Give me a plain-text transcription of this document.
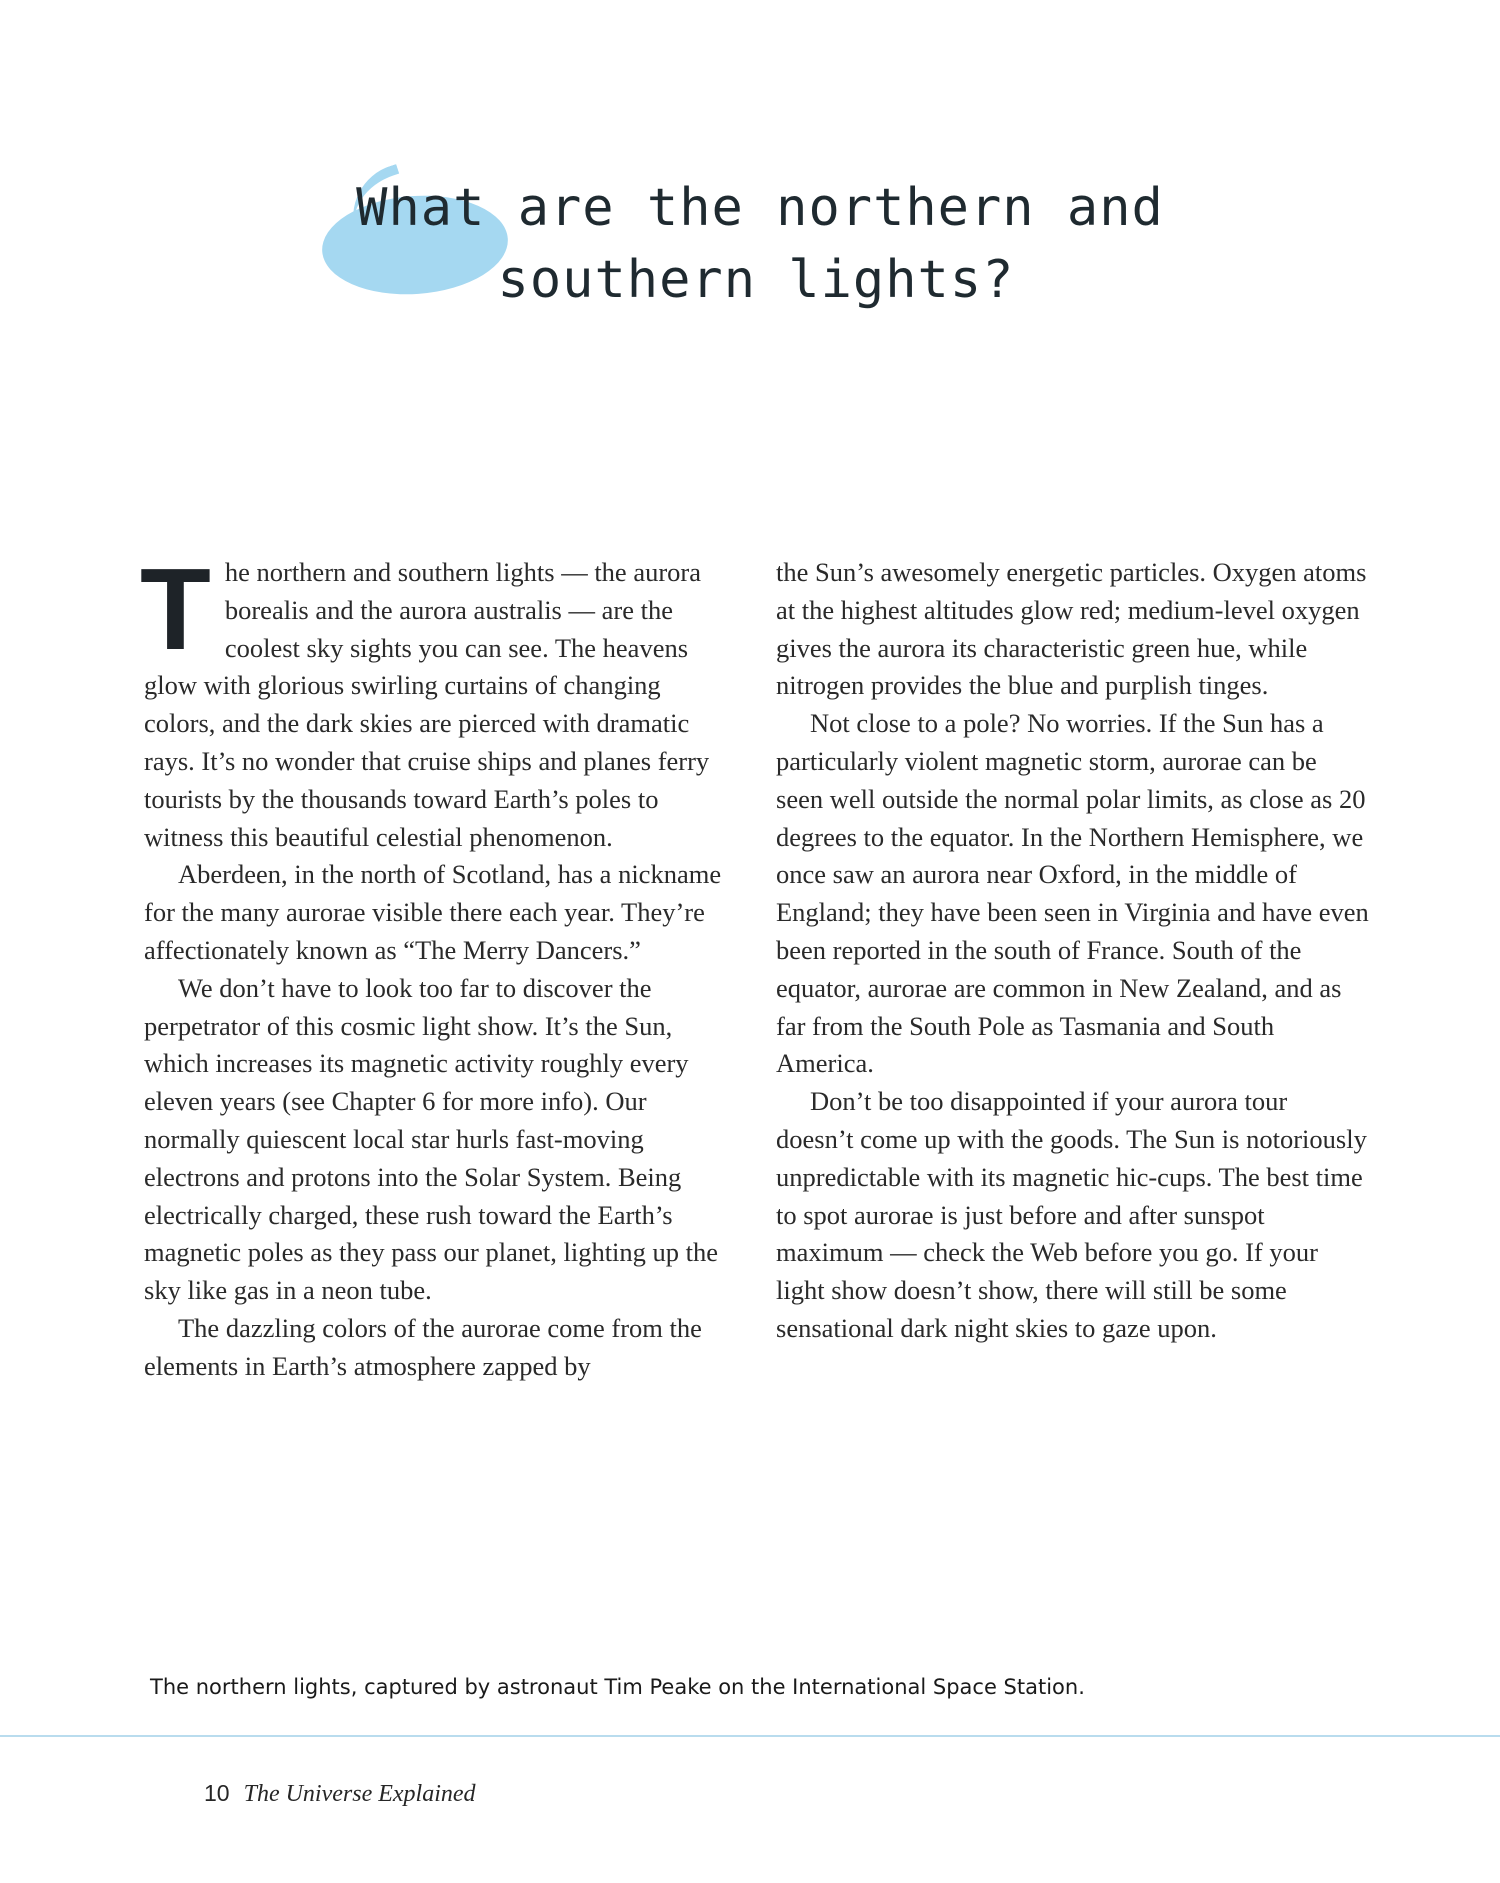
What are the northern and
southern lights?

The northern and southern lights — the aurora borealis and the aurora australis — are the coolest sky sights you can see. The heavens glow with glorious swirling curtains of changing colors, and the dark skies are pierced with dramatic rays. It’s no wonder that cruise ships and planes ferry tourists by the thousands toward Earth’s poles to witness this beautiful celestial phenomenon.

Aberdeen, in the north of Scotland, has a nickname for the many aurorae visible there each year. They’re affectionately known as “The Merry Dancers.”

We don’t have to look too far to discover the perpetrator of this cosmic light show. It’s the Sun, which increases its magnetic activity roughly every eleven years (see Chapter 6 for more info). Our normally quiescent local star hurls fast-moving electrons and protons into the Solar System. Being electrically charged, these rush toward the Earth’s magnetic poles as they pass our planet, lighting up the sky like gas in a neon tube.

The dazzling colors of the aurorae come from the elements in Earth’s atmosphere zapped by

the Sun’s awesomely energetic particles. Oxygen atoms at the highest altitudes glow red; medium-level oxygen gives the aurora its characteristic green hue, while nitrogen provides the blue and purplish tinges.

Not close to a pole? No worries. If the Sun has a particularly violent magnetic storm, aurorae can be seen well outside the normal polar limits, as close as 20 degrees to the equator. In the Northern Hemisphere, we once saw an aurora near Oxford, in the middle of England; they have been seen in Virginia and have even been reported in the south of France. South of the equator, aurorae are common in New Zealand, and as far from the South Pole as Tasmania and South America.

Don’t be too disappointed if your aurora tour doesn’t come up with the goods. The Sun is notoriously unpredictable with its magnetic hic-cups. The best time to spot aurorae is just before and after sunspot maximum — check the Web before you go. If your light show doesn’t show, there will still be some sensational dark night skies to gaze upon.

The northern lights, captured by astronaut Tim Peake on the International Space Station.
10 The Universe Explained
